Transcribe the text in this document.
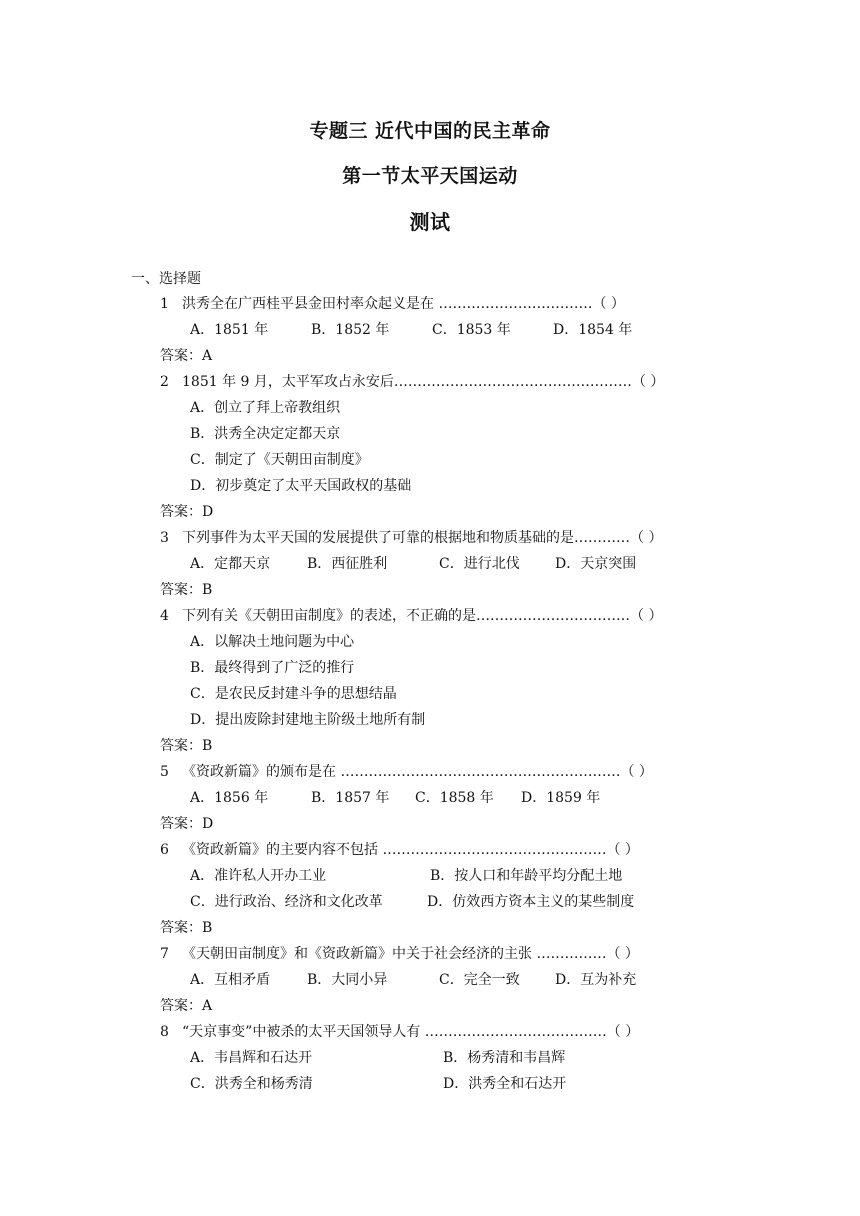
专题三 近代中国的民主革命
第一节太平天国运动
测试
一、选择题
1 洪秀全在广西桂平县金田村率众起义是在 ……………………………（ ）
A．1851 年	B．1852 年	C．1853 年	D．1854 年
答案：A
2 1851 年 9 月，太平军攻占永安后……………………………………………（ ）
A．创立了拜上帝教组织
B．洪秀全决定定都天京
C．制定了《天朝田亩制度》
D．初步奠定了太平天国政权的基础
答案：D
3 下列事件为太平天国的发展提供了可靠的根据地和物质基础的是…………（ ）
A．定都天京	B．西征胜利	C．进行北伐	D．天京突围
答案：B
4 下列有关《天朝田亩制度》的表述，不正确的是……………………………（ ）
A．以解决土地问题为中心
B．最终得到了广泛的推行
C．是农民反封建斗争的思想结晶
D．提出废除封建地主阶级土地所有制
答案：B
5 《资政新篇》的颁布是在 ……………………………………………………（ ）
A．1856 年	B．1857 年 C．1858 年 D．1859 年
答案：D
6 《资政新篇》的主要内容不包括 …………………………………………（ ）
A．准许私人开办工业	B．按人口和年龄平均分配土地
C．进行政治、经济和文化改革	D．仿效西方资本主义的某些制度
答案：B
7 《天朝田亩制度》和《资政新篇》中关于社会经济的主张 ……………（ ）
A．互相矛盾	B．大同小异	C．完全一致	D．互为补充
答案：A
8 “天京事变”中被杀的太平天国领导人有 …………………………………（ ）
A．韦昌辉和石达开	B．杨秀清和韦昌辉
C．洪秀全和杨秀清	D．洪秀全和石达开
